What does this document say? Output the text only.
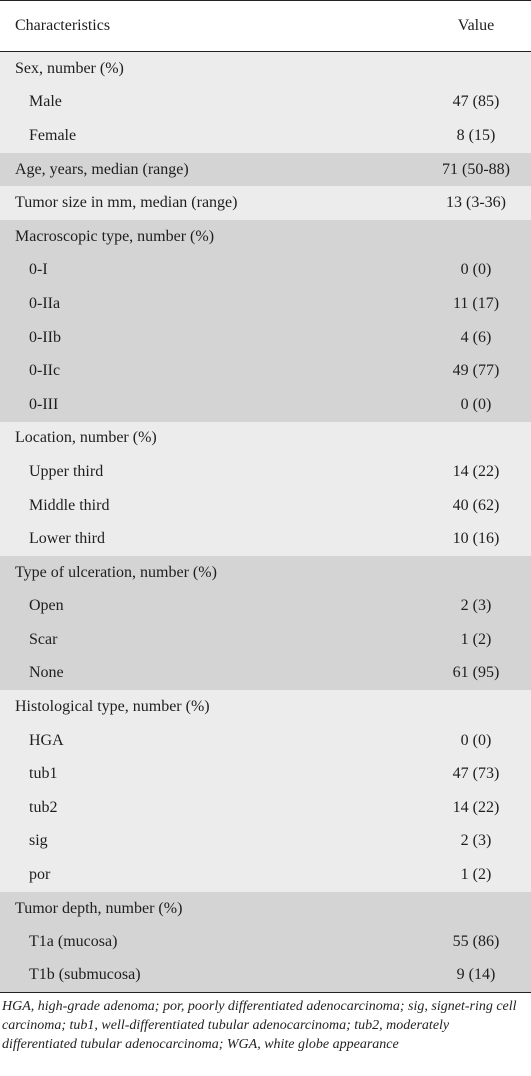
Characteristics	Value
Sex, number (%)
Male	47 (85)
Female	8 (15)
Age, years, median (range)	71 (50-88)
Tumor size in mm, median (range)	13 (3-36)
Macroscopic type, number (%)
0-I	0 (0)
0-IIa	11 (17)
0-IIb	4 (6)
0-IIc	49 (77)
0-III	0 (0)
Location, number (%)
Upper third	14 (22)
Middle third	40 (62)
Lower third	10 (16)
Type of ulceration, number (%)
Open	2 (3)
Scar	1 (2)
None	61 (95)
Histological type, number (%)
HGA	0 (0)
tub1	47 (73)
tub2	14 (22)
sig	2 (3)
por	1 (2)
Tumor depth, number (%)
T1a (mucosa)	55 (86)
T1b (submucosa)	9 (14)
HGA, high-grade adenoma; por, poorly differentiated adenocarcinoma; sig, signet-ring cell carcinoma; tub1, well-differentiated tubular adenocarcinoma; tub2, moderately differentiated tubular adenocarcinoma; WGA, white globe appearance
